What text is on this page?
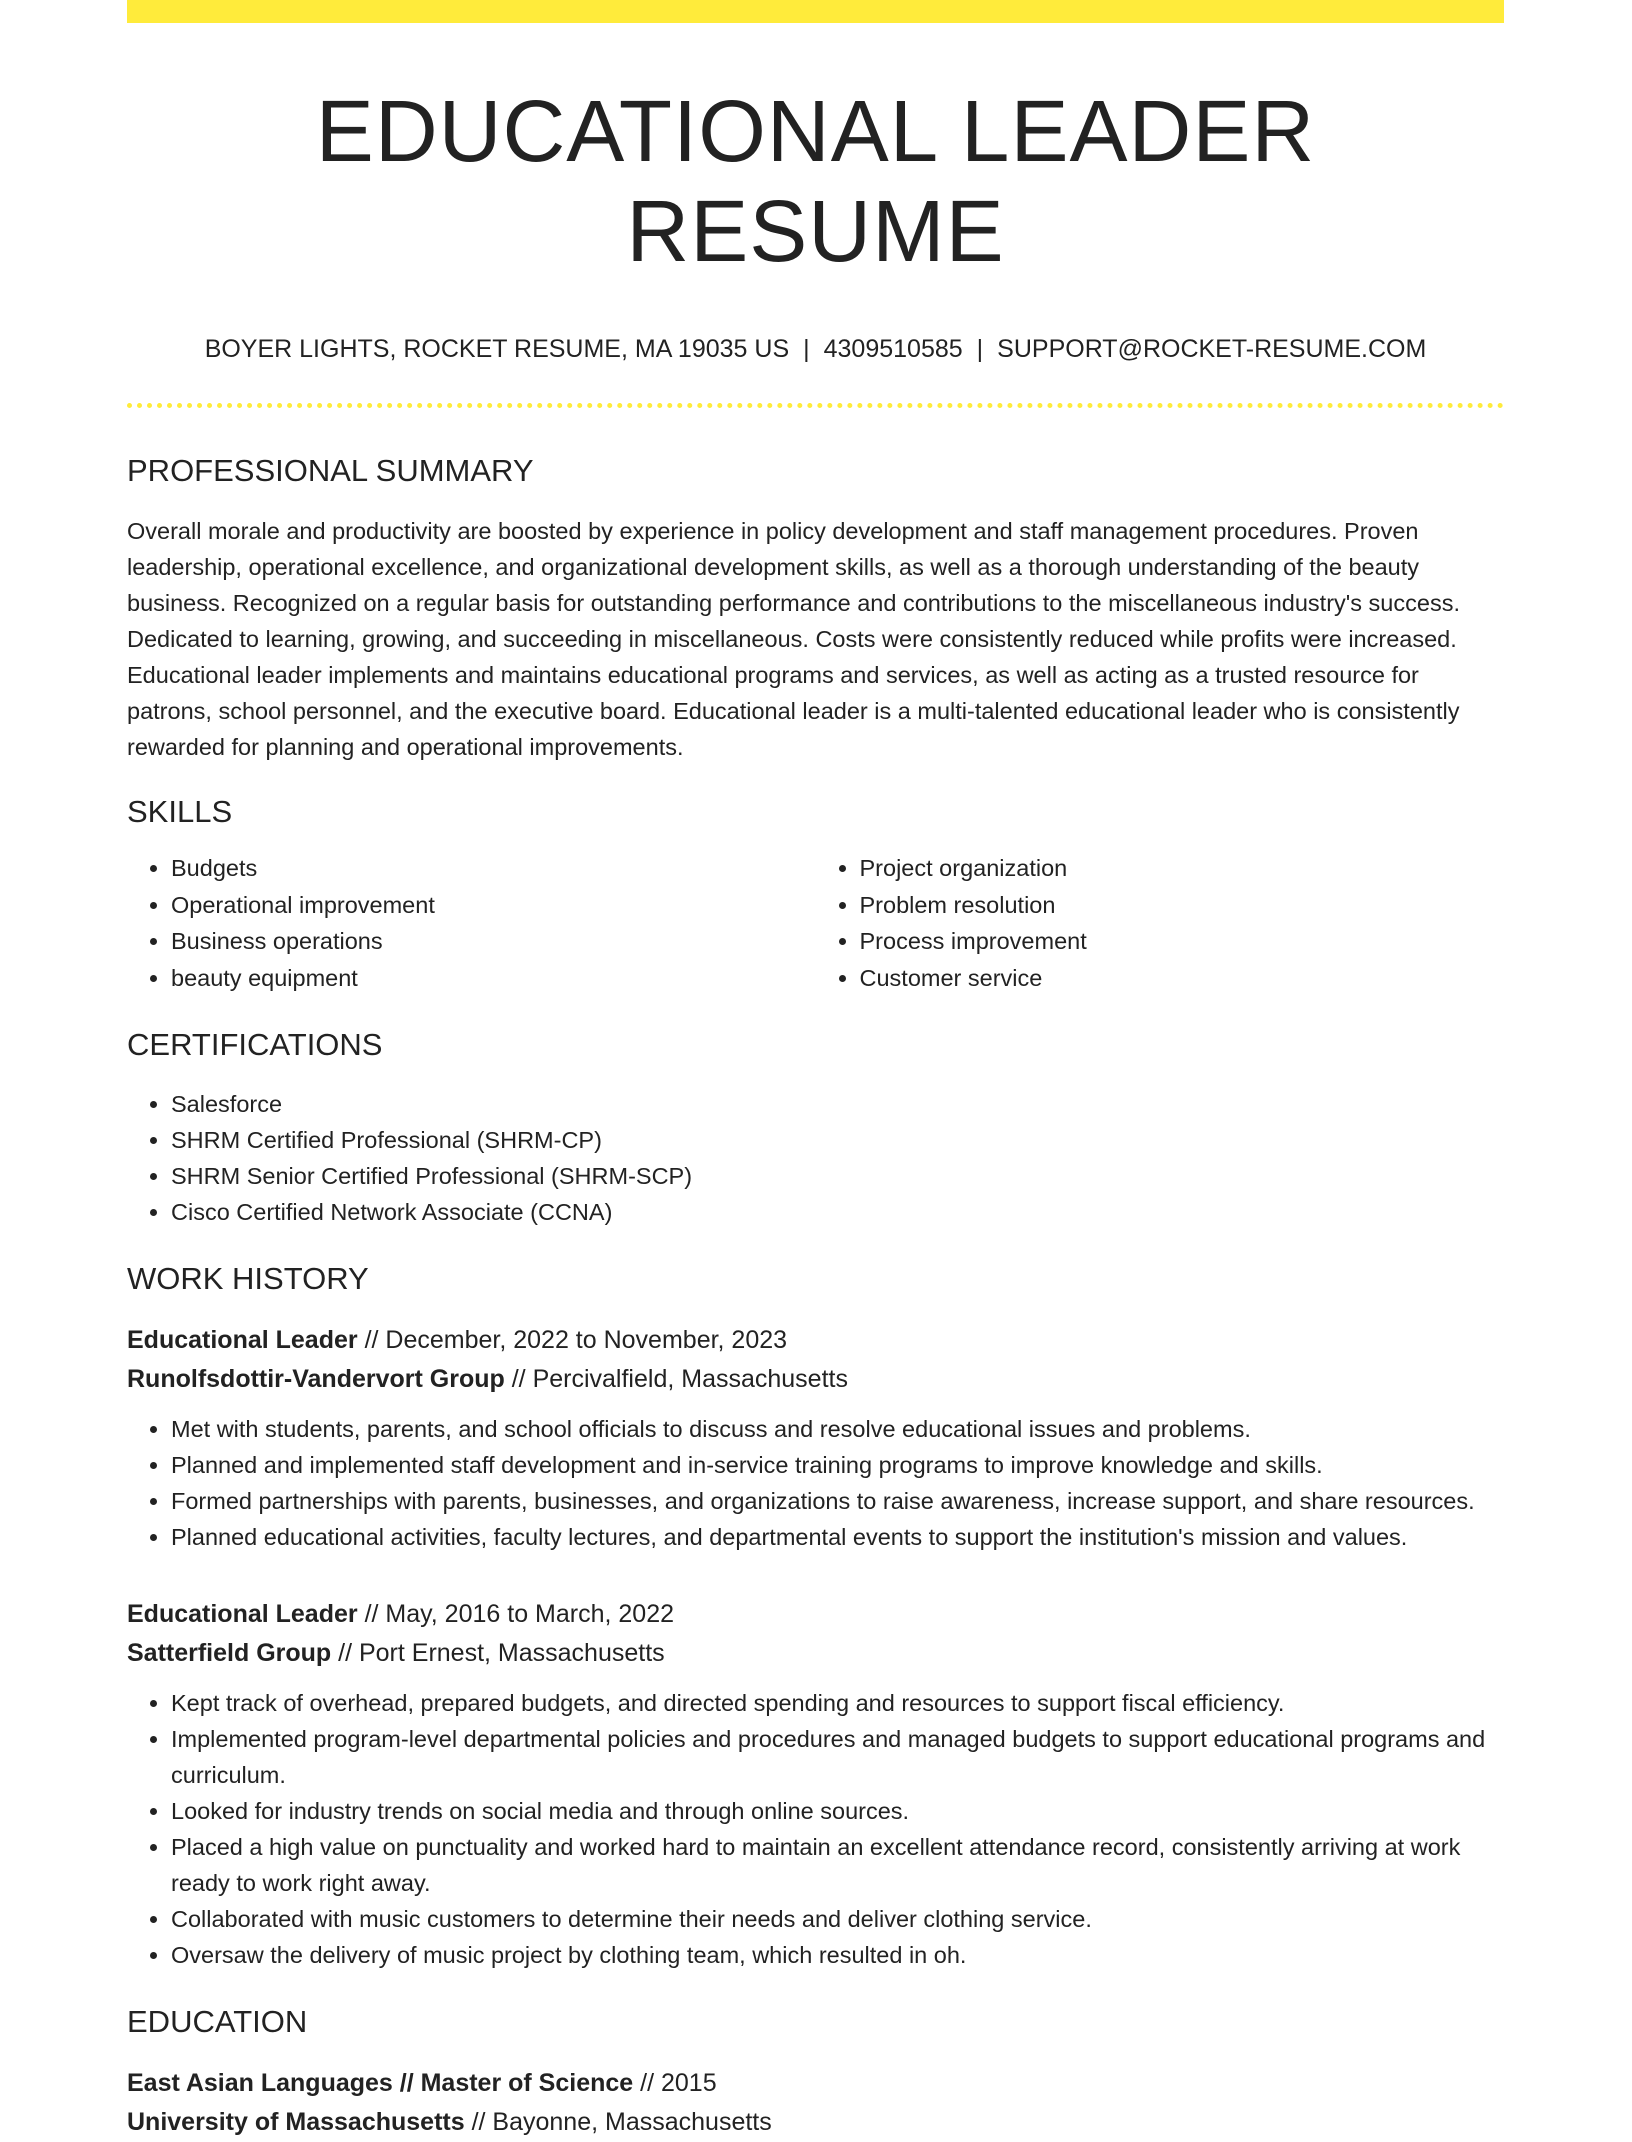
EDUCATIONAL LEADER RESUME
BOYER LIGHTS, ROCKET RESUME, MA 19035 US | 4309510585 | SUPPORT@ROCKET-RESUME.COM
PROFESSIONAL SUMMARY
Overall morale and productivity are boosted by experience in policy development and staff management procedures. Proven leadership, operational excellence, and organizational development skills, as well as a thorough understanding of the beauty business. Recognized on a regular basis for outstanding performance and contributions to the miscellaneous industry's success. Dedicated to learning, growing, and succeeding in miscellaneous. Costs were consistently reduced while profits were increased. Educational leader implements and maintains educational programs and services, as well as acting as a trusted resource for patrons, school personnel, and the executive board. Educational leader is a multi-talented educational leader who is consistently rewarded for planning and operational improvements.
SKILLS
• Budgets
• Operational improvement
• Business operations
• beauty equipment
• Project organization
• Problem resolution
• Process improvement
• Customer service
CERTIFICATIONS
• Salesforce
• SHRM Certified Professional (SHRM-CP)
• SHRM Senior Certified Professional (SHRM-SCP)
• Cisco Certified Network Associate (CCNA)
WORK HISTORY
Educational Leader // December, 2022 to November, 2023
Runolfsdottir-Vandervort Group // Percivalfield, Massachusetts
• Met with students, parents, and school officials to discuss and resolve educational issues and problems.
• Planned and implemented staff development and in-service training programs to improve knowledge and skills.
• Formed partnerships with parents, businesses, and organizations to raise awareness, increase support, and share resources.
• Planned educational activities, faculty lectures, and departmental events to support the institution's mission and values.
Educational Leader // May, 2016 to March, 2022
Satterfield Group // Port Ernest, Massachusetts
• Kept track of overhead, prepared budgets, and directed spending and resources to support fiscal efficiency.
• Implemented program-level departmental policies and procedures and managed budgets to support educational programs and curriculum.
• Looked for industry trends on social media and through online sources.
• Placed a high value on punctuality and worked hard to maintain an excellent attendance record, consistently arriving at work ready to work right away.
• Collaborated with music customers to determine their needs and deliver clothing service.
• Oversaw the delivery of music project by clothing team, which resulted in oh.
EDUCATION
East Asian Languages // Master of Science // 2015
University of Massachusetts // Bayonne, Massachusetts
